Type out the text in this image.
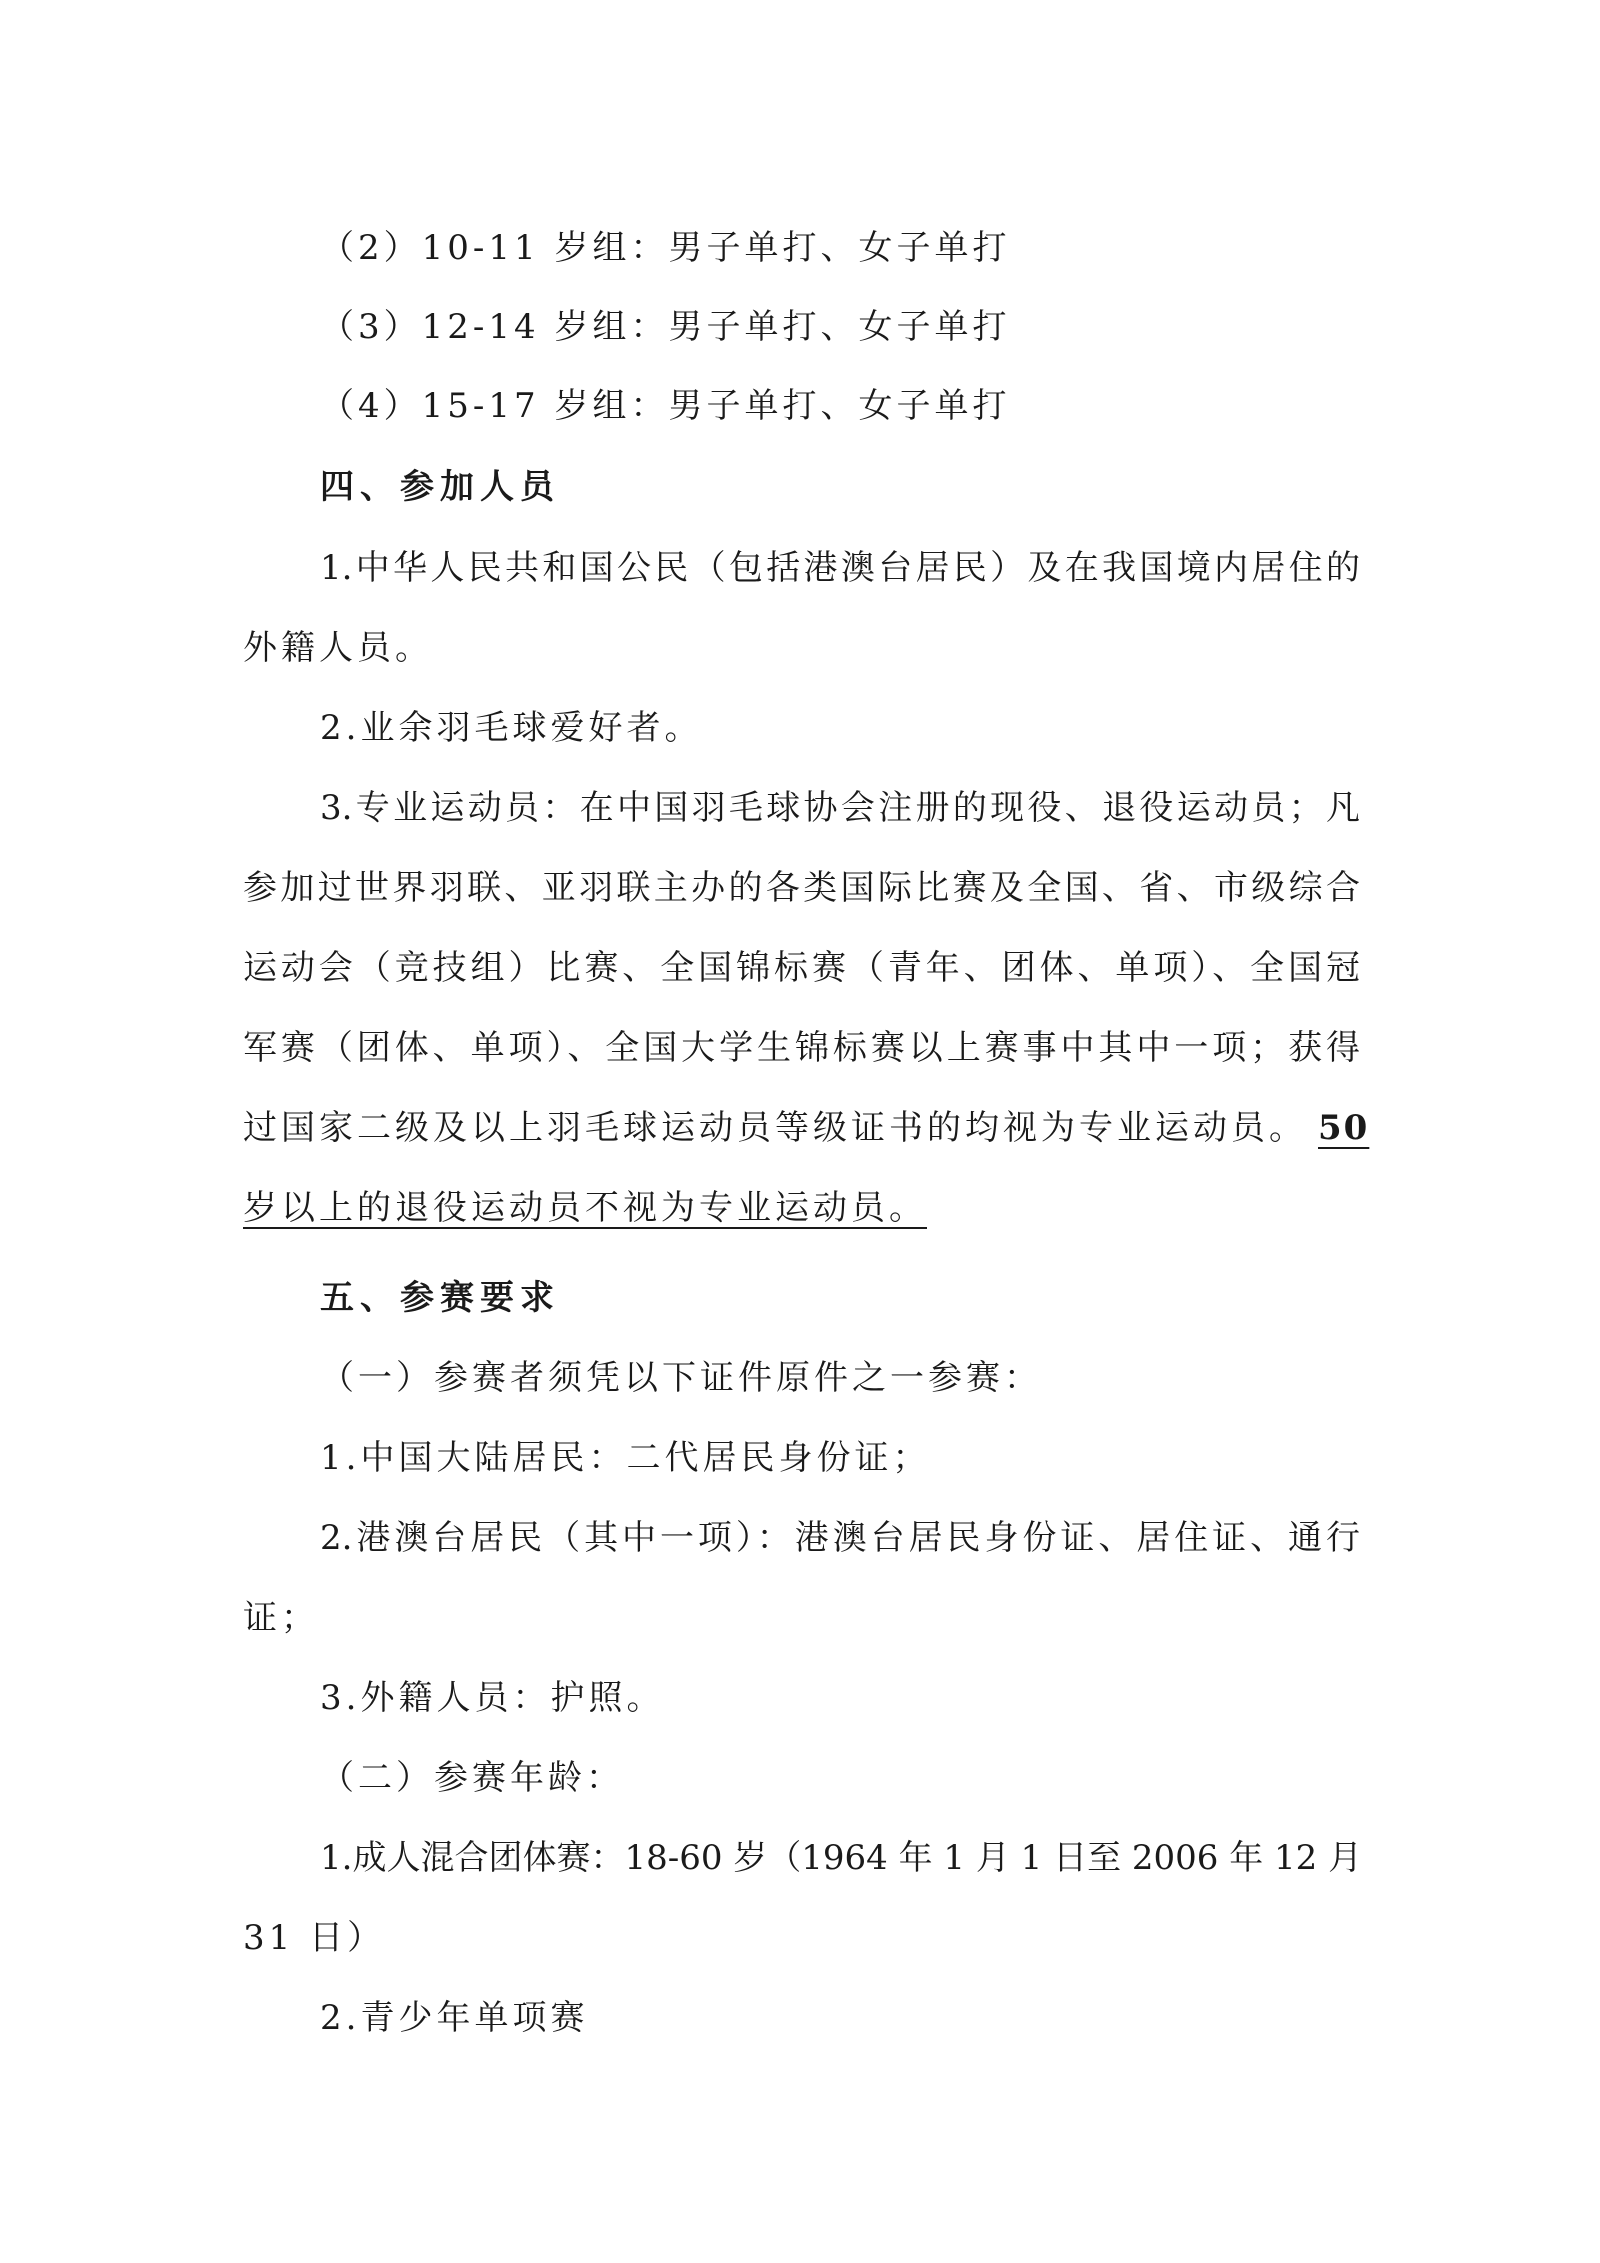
（2）10-11 岁组：男子单打、女子单打
（3）12-14 岁组：男子单打、女子单打
（4）15-17 岁组：男子单打、女子单打
四、参加人员
1.中华人民共和国公民（包括港澳台居民）及在我国境内居住的
外籍人员。
2.业余羽毛球爱好者。
3.专业运动员：在中国羽毛球协会注册的现役、退役运动员；凡
参加过世界羽联、亚羽联主办的各类国际比赛及全国、省、市级综合
运动会（竞技组）比赛、全国锦标赛（青年、团体、单项）、全国冠
军赛（团体、单项）、全国大学生锦标赛以上赛事中其中一项；获得
过国家二级及以上羽毛球运动员等级证书的均视为专业运动员。 50
岁以上的退役运动员不视为专业运动员。
五、参赛要求
（一）参赛者须凭以下证件原件之一参赛：
1.中国大陆居民：二代居民身份证；
2.港澳台居民（其中一项）：港澳台居民身份证、居住证、通行
证；
3.外籍人员：护照。
（二）参赛年龄：
1.成人混合团体赛：18-60 岁（1964 年 1 月 1 日至 2006 年 12 月
31 日）
2.青少年单项赛
